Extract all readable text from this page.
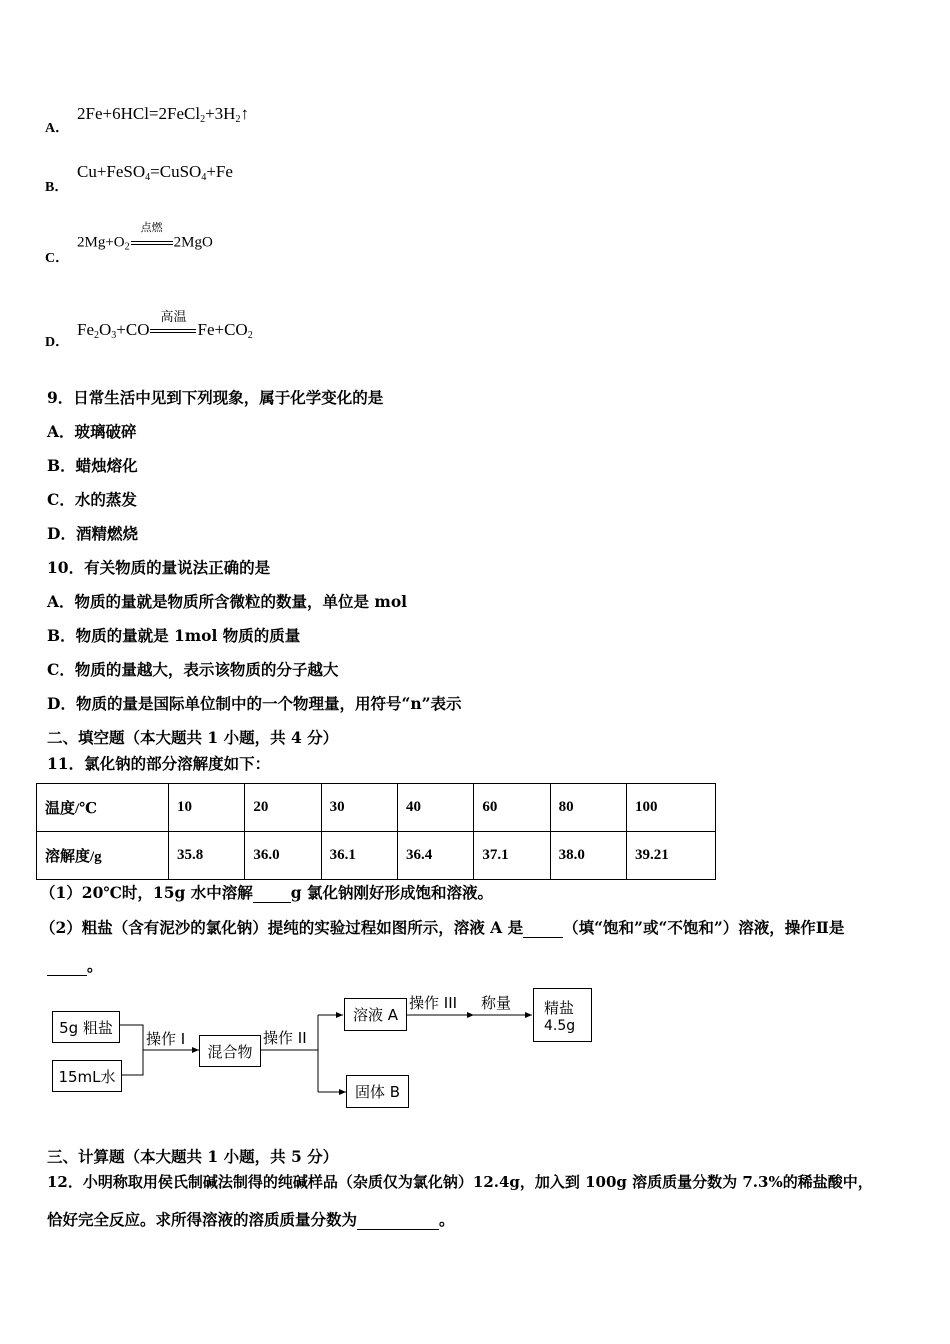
A．
$2Fe+6HCl=2FeCl_2+3H_2↑$
B．
Cu+FeSO$_4$=CuSO$_4$+Fe
C．
$2Mg+O_2$
点燃
2MgO
D．
$Fe_2O_3+CO$
高温
$Fe+CO_2$
9．日常生活中见到下列现象，属于化学变化的是
A．玻璃破碎
B．蜡烛熔化
C．水的蒸发
D．酒精燃烧
10．有关物质的量说法正确的是
A．物质的量就是物质所含微粒的数量，单位是 mol
B．物质的量就是 1mol 物质的质量
C．物质的量越大，表示该物质的分子越大
D．物质的量是国际单位制中的一个物理量，用符号“n”表示
二、填空题（本大题共 1 小题，共 4 分）
11．氯化钠的部分溶解度如下：
温度/℃	10	20	30	40	60	80	100
溶解度/g	35.8	36.0	36.1	36.4	37.1	38.0	39.21
（1）20℃时，15g 水中溶解 g 氯化钠刚好形成饱和溶液。
（2）粗盐（含有泥沙的氯化钠）提纯的实验过程如图所示，溶液 A 是	（填“饱和”或“不饱和”）溶液，操作Ⅱ是
。
5g 粗盐
15mL水
操作 I
混合物
操作 II
溶液 A
操作 III 称量 精盐
4.5g
固体 B
三、计算题（本大题共 1 小题，共 5 分）
12．小明称取用侯氏制碱法制得的纯碱样品（杂质仅为氯化钠）12.4g，加入到 100g 溶质质量分数为 7.3%的稀盐酸中，
恰好完全反应。求所得溶液的溶质质量分数为	。
